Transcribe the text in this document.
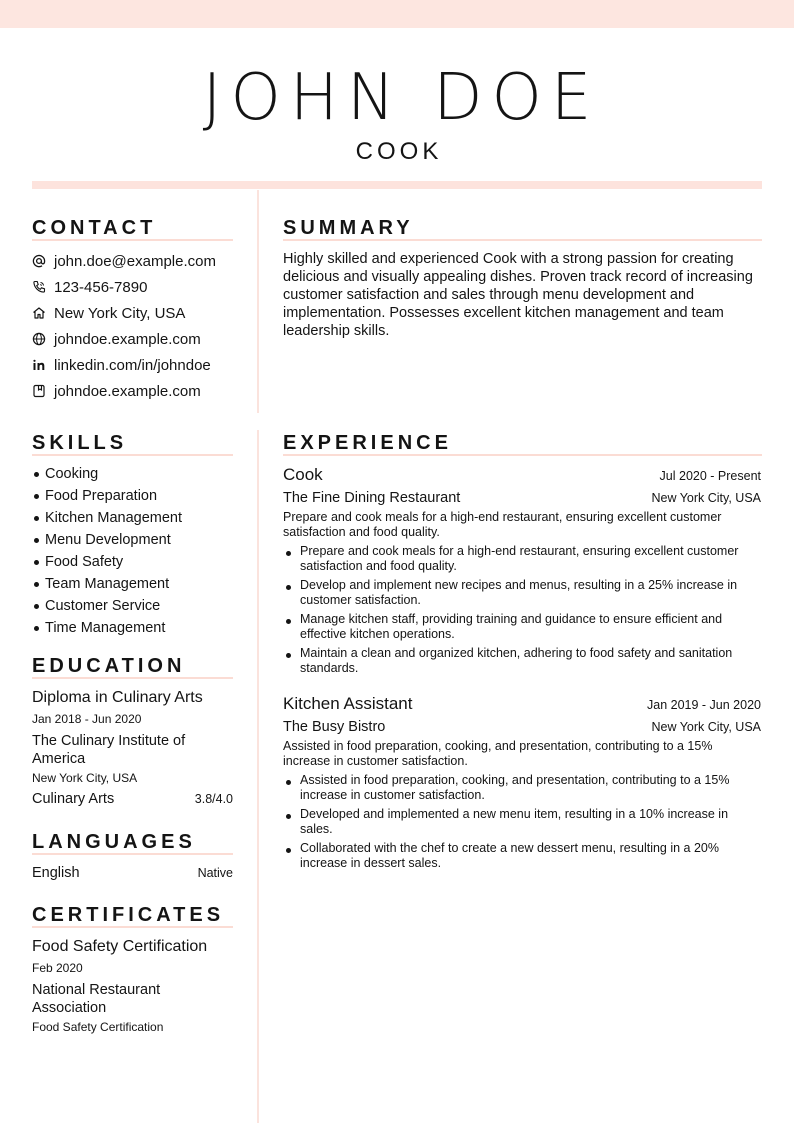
JOHN DOE
COOK
CONTACT
john.doe@example.com
123-456-7890
New York City, USA
johndoe.example.com
linkedin.com/in/johndoe
johndoe.example.com
SUMMARY

Highly skilled and experienced Cook with a strong passion for creating delicious and visually appealing dishes. Proven track record of increasing customer satisfaction and sales through menu development and implementation. Possesses excellent kitchen management and team leadership skills.

SKILLS
Cooking
Food Preparation
Kitchen Management
Menu Development
Food Safety
Team Management
Customer Service
Time Management
EDUCATION
Diploma in Culinary Arts
Jan 2018 - Jun 2020
The Culinary Institute of America
New York City, USA
Culinary Arts	3.8/4.0
LANGUAGES
English	Native
CERTIFICATES
Food Safety Certification
Feb 2020
National Restaurant Association
Food Safety Certification
EXPERIENCE
Cook	Jul 2020 - Present
The Fine Dining Restaurant	New York City, USA

Prepare and cook meals for a high-end restaurant, ensuring excellent customer satisfaction and food quality.

Prepare and cook meals for a high-end restaurant, ensuring excellent customer satisfaction and food quality.
Develop and implement new recipes and menus, resulting in a 25% increase in customer satisfaction.
Manage kitchen staff, providing training and guidance to ensure efficient and effective kitchen operations.
Maintain a clean and organized kitchen, adhering to food safety and sanitation standards.
Kitchen Assistant	Jan 2019 - Jun 2020
The Busy Bistro	New York City, USA

Assisted in food preparation, cooking, and presentation, contributing to a 15% increase in customer satisfaction.

Assisted in food preparation, cooking, and presentation, contributing to a 15% increase in customer satisfaction.
Developed and implemented a new menu item, resulting in a 10% increase in sales.
Collaborated with the chef to create a new dessert menu, resulting in a 20% increase in dessert sales.
